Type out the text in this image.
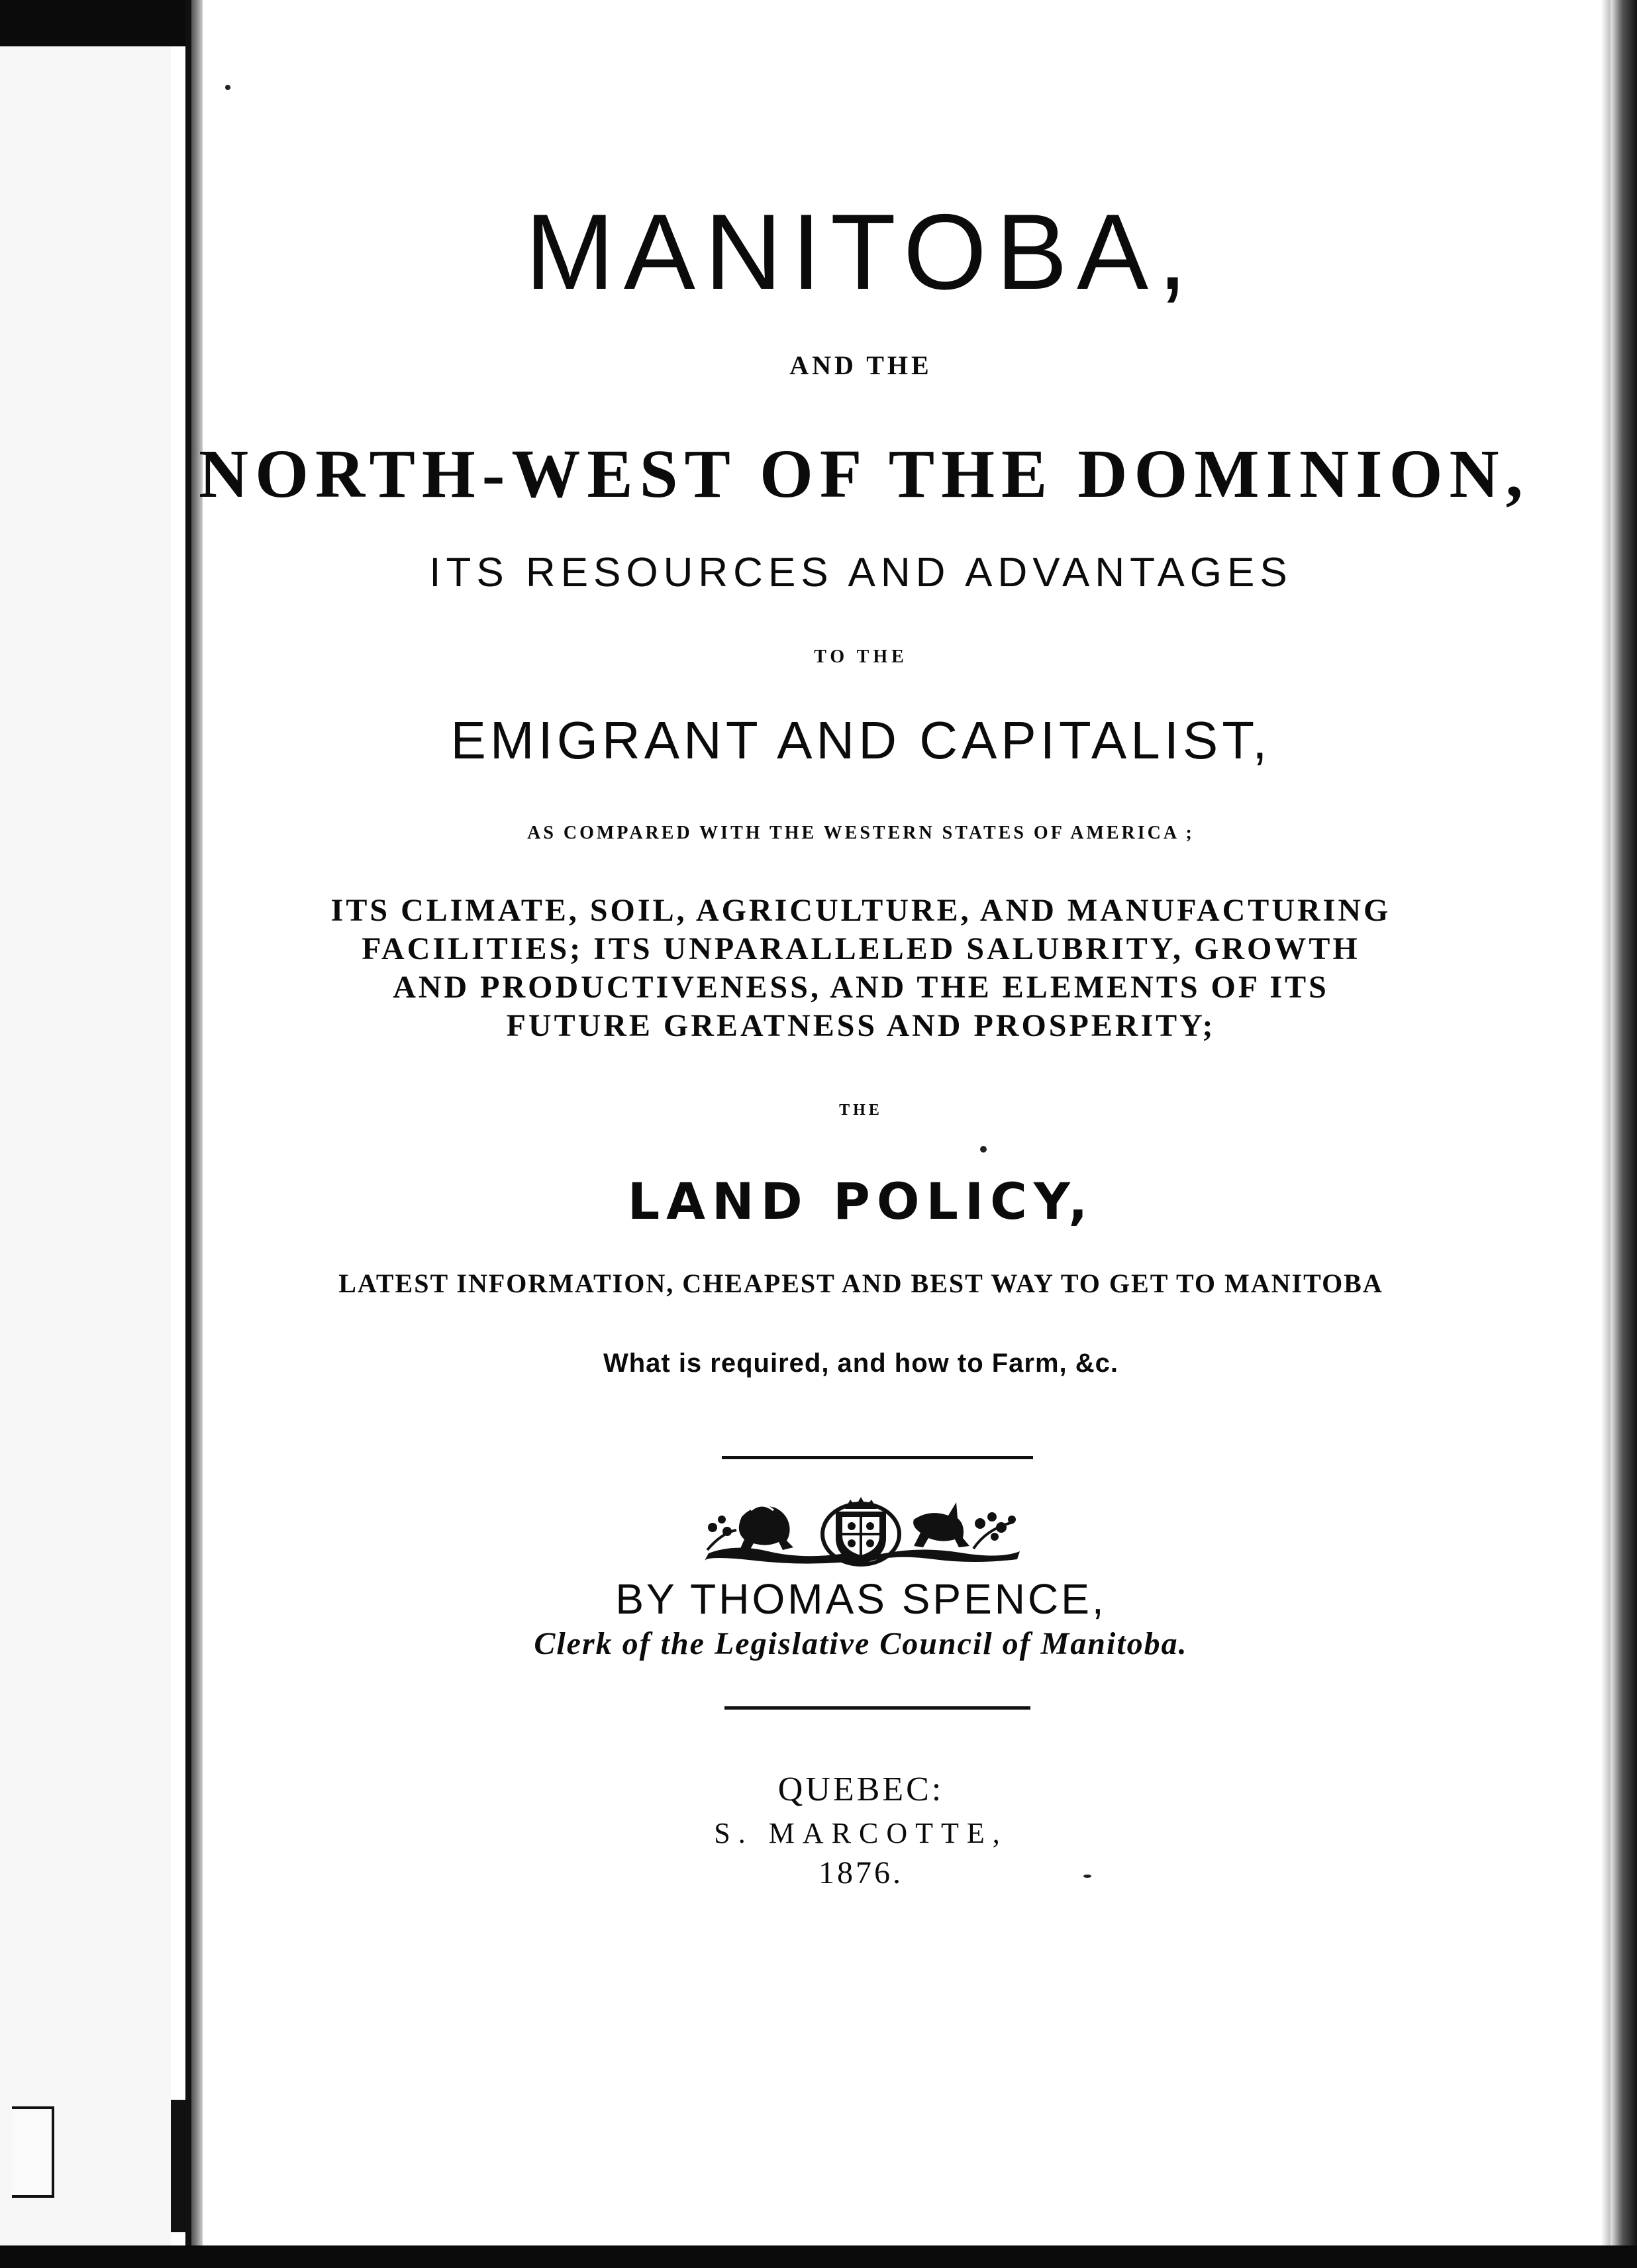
MANITOBA,
AND THE
NORTH-WEST OF THE DOMINION,
ITS RESOURCES AND ADVANTAGES
TO THE
EMIGRANT AND CAPITALIST,
AS COMPARED WITH THE WESTERN STATES OF AMERICA ;
ITS CLIMATE, SOIL, AGRICULTURE, AND MANUFACTURING
FACILITIES; ITS UNPARALLELED SALUBRITY, GROWTH
AND PRODUCTIVENESS, AND THE ELEMENTS OF ITS
FUTURE GREATNESS AND PROSPERITY;
THE
LAND POLICY,
LATEST INFORMATION, CHEAPEST AND BEST WAY TO GET TO MANITOBA
What is required, and how to Farm, &c.
BY THOMAS SPENCE,
Clerk of the Legislative Council of Manitoba.
QUEBEC:
S. MARCOTTE,
1876.
